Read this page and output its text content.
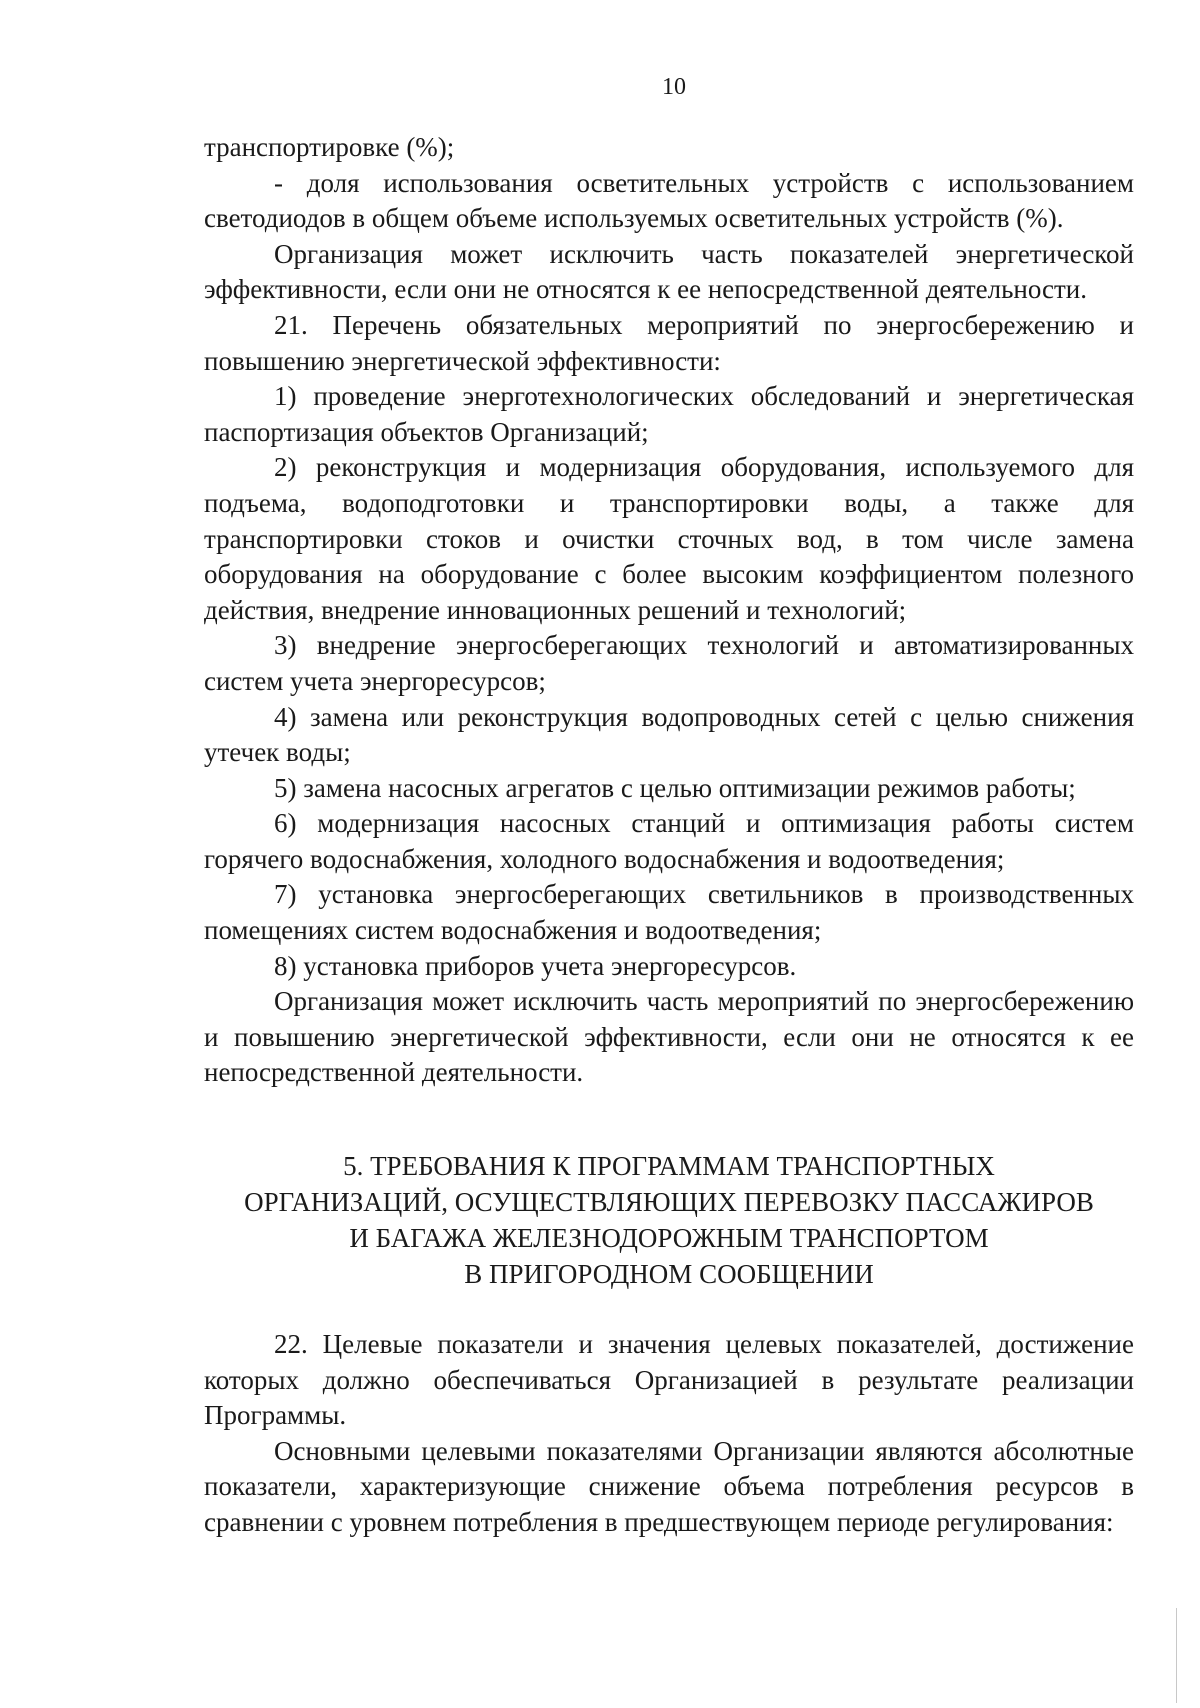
10

транспортировке (%);

- доля использования осветительных устройств с использованием светодиодов в общем объеме используемых осветительных устройств (%).

Организация может исключить часть показателей энергетической эффективности, если они не относятся к ее непосредственной деятельности.

21. Перечень обязательных мероприятий по энергосбережению и повышению энергетической эффективности:

1) проведение энерготехнологических обследований и энергетическая паспортизация объектов Организаций;

2) реконструкция и модернизация оборудования, используемого для подъема, водоподготовки и транспортировки воды, а также для транспортировки стоков и очистки сточных вод, в том числе замена оборудования на оборудование с более высоким коэффициентом полезного действия, внедрение инновационных решений и технологий;

3) внедрение энергосберегающих технологий и автоматизированных систем учета энергоресурсов;

4) замена или реконструкция водопроводных сетей с целью снижения утечек воды;

5) замена насосных агрегатов с целью оптимизации режимов работы;

6) модернизация насосных станций и оптимизация работы систем горячего водоснабжения, холодного водоснабжения и водоотведения;

7) установка энергосберегающих светильников в производственных помещениях систем водоснабжения и водоотведения;

8) установка приборов учета энергоресурсов.

Организация может исключить часть мероприятий по энергосбережению и повышению энергетической эффективности, если они не относятся к ее непосредственной деятельности.

5. ТРЕБОВАНИЯ К ПРОГРАММАМ ТРАНСПОРТНЫХ
ОРГАНИЗАЦИЙ, ОСУЩЕСТВЛЯЮЩИХ ПЕРЕВОЗКУ ПАССАЖИРОВ
И БАГАЖА ЖЕЛЕЗНОДОРОЖНЫМ ТРАНСПОРТОМ
В ПРИГОРОДНОМ СООБЩЕНИИ

22. Целевые показатели и значения целевых показателей, достижение которых должно обеспечиваться Организацией в результате реализации Программы.

Основными целевыми показателями Организации являются абсолютные показатели, характеризующие снижение объема потребления ресурсов в сравнении с уровнем потребления в предшествующем периоде регулирования:
